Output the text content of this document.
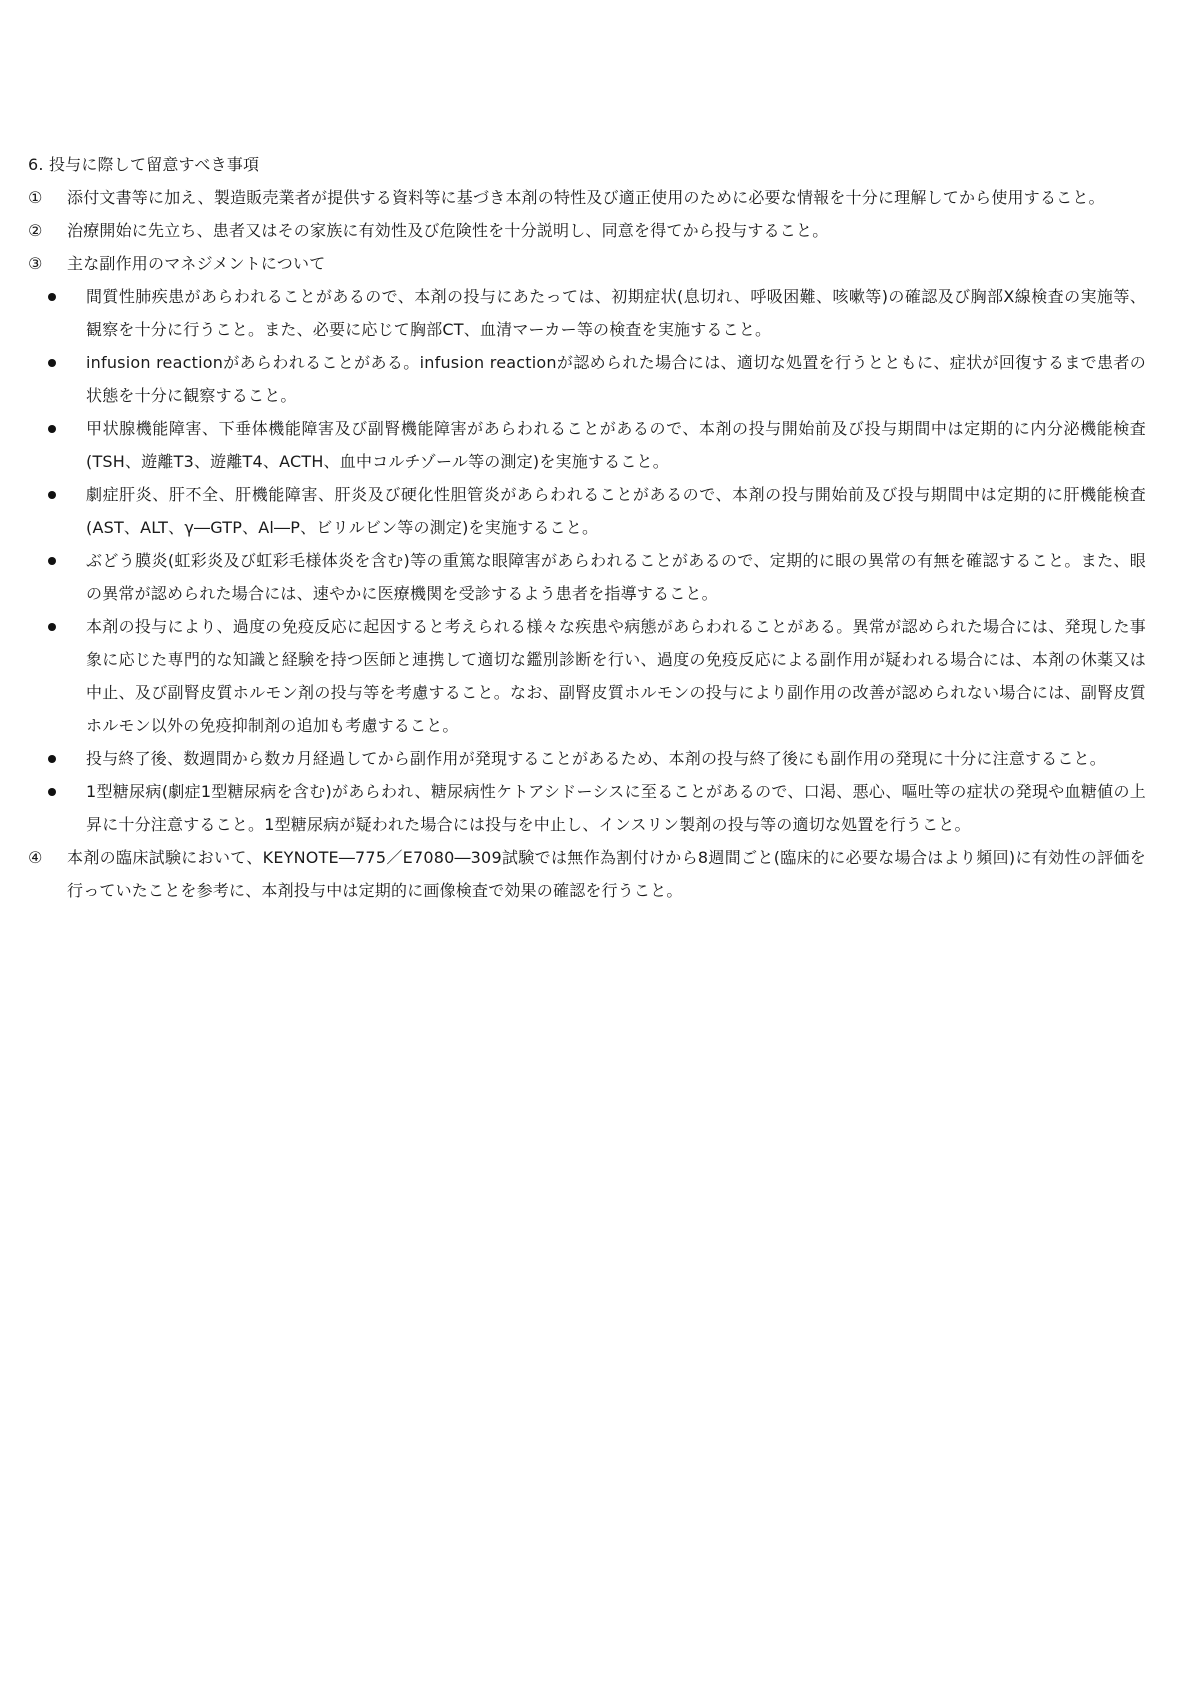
6. 投与に際して留意すべき事項
①	添付文書等に加え、製造販売業者が提供する資料等に基づき本剤の特性及び適正使用のために必要な情報を十分に理解してから使用すること。
②	治療開始に先立ち、患者又はその家族に有効性及び危険性を十分説明し、同意を得てから投与すること。
③	主な副作用のマネジメントについて
間質性肺疾患があらわれることがあるので、本剤の投与にあたっては、初期症状(息切れ、呼吸困難、咳嗽等)の確認及び胸部X線検査の実施等、観察を十分に行うこと。また、必要に応じて胸部CT、血清マーカー等の検査を実施すること。
infusion reactionがあらわれることがある。infusion reactionが認められた場合には、適切な処置を行うとともに、症状が回復するまで患者の状態を十分に観察すること。
甲状腺機能障害、下垂体機能障害及び副腎機能障害があらわれることがあるので、本剤の投与開始前及び投与期間中は定期的に内分泌機能検査(TSH、遊離T3、遊離T4、ACTH、血中コルチゾール等の測定)を実施すること。
劇症肝炎、肝不全、肝機能障害、肝炎及び硬化性胆管炎があらわれることがあるので、本剤の投与開始前及び投与期間中は定期的に肝機能検査(AST、ALT、γ―GTP、Al―P、ビリルビン等の測定)を実施すること。
ぶどう膜炎(虹彩炎及び虹彩毛様体炎を含む)等の重篤な眼障害があらわれることがあるので、定期的に眼の異常の有無を確認すること。また、眼の異常が認められた場合には、速やかに医療機関を受診するよう患者を指導すること。
本剤の投与により、過度の免疫反応に起因すると考えられる様々な疾患や病態があらわれることがある。異常が認められた場合には、発現した事象に応じた専門的な知識と経験を持つ医師と連携して適切な鑑別診断を行い、過度の免疫反応による副作用が疑われる場合には、本剤の休薬又は中止、及び副腎皮質ホルモン剤の投与等を考慮すること。なお、副腎皮質ホルモンの投与により副作用の改善が認められない場合には、副腎皮質ホルモン以外の免疫抑制剤の追加も考慮すること。
投与終了後、数週間から数カ月経過してから副作用が発現することがあるため、本剤の投与終了後にも副作用の発現に十分に注意すること。
1型糖尿病(劇症1型糖尿病を含む)があらわれ、糖尿病性ケトアシドーシスに至ることがあるので、口渇、悪心、嘔吐等の症状の発現や血糖値の上昇に十分注意すること。1型糖尿病が疑われた場合には投与を中止し、インスリン製剤の投与等の適切な処置を行うこと。
④	本剤の臨床試験において、KEYNOTE―775／E7080―309試験では無作為割付けから8週間ごと(臨床的に必要な場合はより頻回)に有効性の評価を行っていたことを参考に、本剤投与中は定期的に画像検査で効果の確認を行うこと。
